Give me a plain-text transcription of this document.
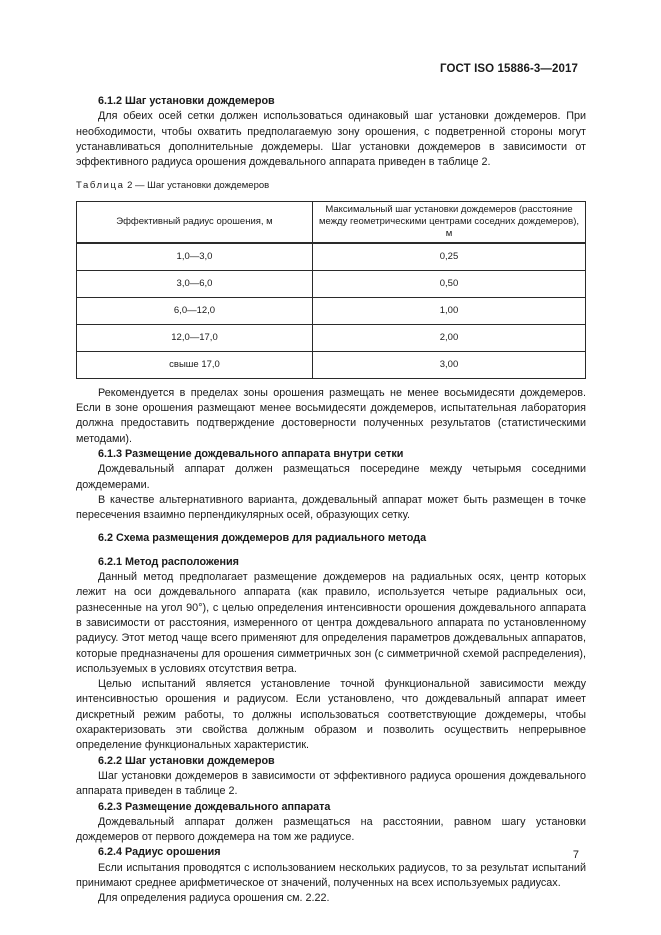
ГОСТ ISO 15886-3—2017
6.1.2 Шаг установки дождемеров

Для обеих осей сетки должен использоваться одинаковый шаг установки дождемеров. При необходимости, чтобы охватить предполагаемую зону орошения, с подветренной стороны могут устанавливаться дополнительные дождемеры. Шаг установки дождемеров в зависимости от эффективного радиуса орошения дождевального аппарата приведен в таблице 2.

Таблица 2 — Шаг установки дождемеров
Эффективный радиус орошения, м	Максимальный шаг установки дождемеров (расстояние между геометрическими центрами соседних дождемеров), м
1,0—3,0	0,25
3,0—6,0	0,50
6,0—12,0	1,00
12,0—17,0	2,00
свыше 17,0	3,00

Рекомендуется в пределах зоны орошения размещать не менее восьмидесяти дождемеров. Если в зоне орошения размещают менее восьмидесяти дождемеров, испытательная лаборатория должна предоставить подтверждение достоверности полученных результатов (статистическими методами).

6.1.3 Размещение дождевального аппарата внутри сетки

Дождевальный аппарат должен размещаться посередине между четырьмя соседними дождемерами.

В качестве альтернативного варианта, дождевальный аппарат может быть размещен в точке пересечения взаимно перпендикулярных осей, образующих сетку.

6.2 Схема размещения дождемеров для радиального метода
6.2.1 Метод расположения

Данный метод предполагает размещение дождемеров на радиальных осях, центр которых лежит на оси дождевального аппарата (как правило, используется четыре радиальных оси, разнесенные на угол 90°), с целью определения интенсивности орошения дождевального аппарата в зависимости от расстояния, измеренного от центра дождевального аппарата по установленному радиусу. Этот метод чаще всего применяют для определения параметров дождевальных аппаратов, которые предназначены для орошения симметричных зон (с симметричной схемой распределения), используемых в условиях отсутствия ветра.

Целью испытаний является установление точной функциональной зависимости между интенсивностью орошения и радиусом. Если установлено, что дождевальный аппарат имеет дискретный режим работы, то должны использоваться соответствующие дождемеры, чтобы охарактеризовать эти свойства должным образом и позволить осуществить непрерывное определение функциональных характеристик.

6.2.2 Шаг установки дождемеров

Шаг установки дождемеров в зависимости от эффективного радиуса орошения дождевального аппарата приведен в таблице 2.

6.2.3 Размещение дождевального аппарата

Дождевальный аппарат должен размещаться на расстоянии, равном шагу установки дождемеров от первого дождемера на том же радиусе.

6.2.4 Радиус орошения

Если испытания проводятся с использованием нескольких радиусов, то за результат испытаний принимают среднее арифметическое от значений, полученных на всех используемых радиусах.

Для определения радиуса орошения см. 2.22.

7
